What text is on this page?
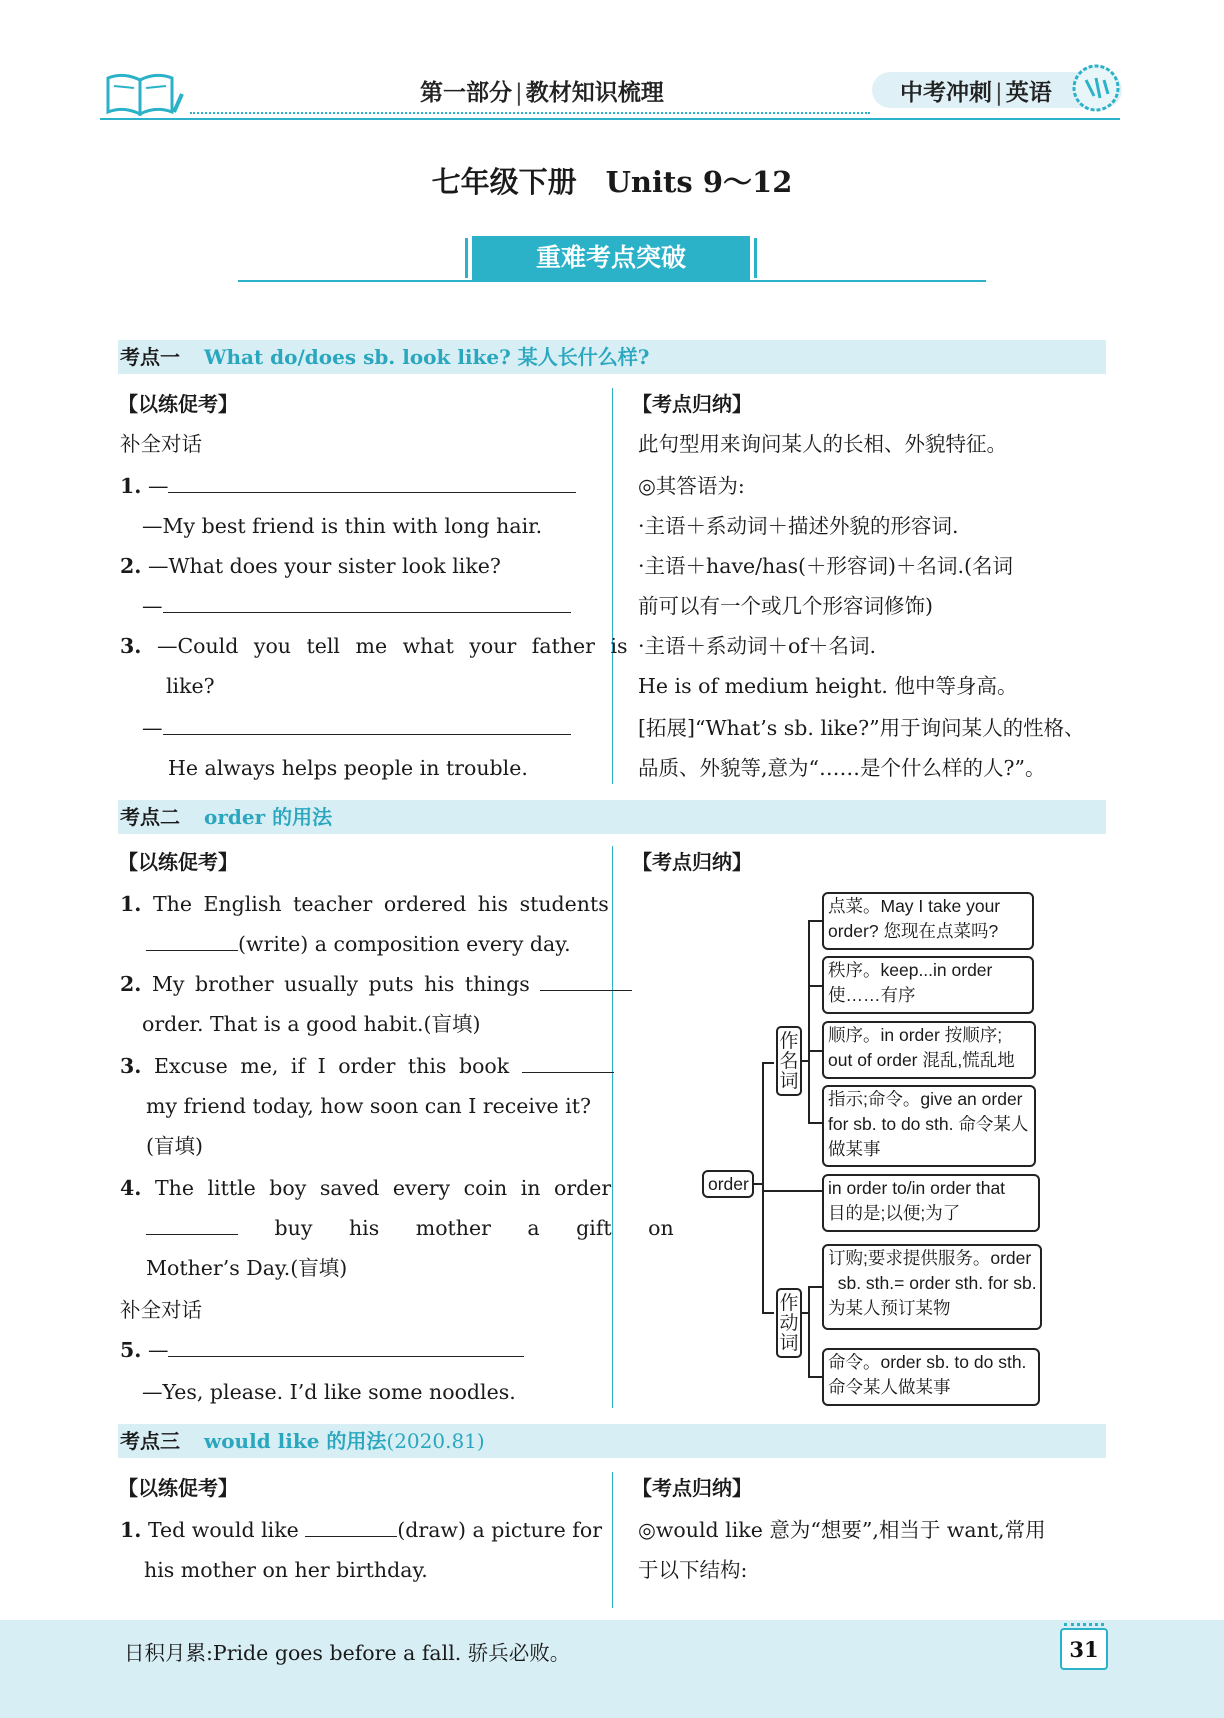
第一部分 | 教材知识梳理	中考冲刺 | 英语
七年级下册　Units 9～12
重难考点突破
考点一 What do/does sb. look like? 某人长什么样?
【以练促考】
补全对话
1. —
—My best friend is thin with long hair.
2. —What does your sister look like?
—
3. —Could you tell me what your father is
like?
—
He always helps people in trouble.
【考点归纳】
此句型用来询问某人的长相、外貌特征。
◎其答语为:
·主语＋系动词＋描述外貌的形容词.
·主语＋have/has(＋形容词)＋名词.(名词
前可以有一个或几个形容词修饰)
·主语＋系动词＋of＋名词.
He is of medium height. 他中等身高。
[拓展]“What’s sb. like?”用于询问某人的性格、
品质、外貌等,意为“……是个什么样的人?”。
考点二 order 的用法
【以练促考】
1. The English teacher ordered his students
(write) a composition every day.
2. My brother usually puts his things
order. That is a good habit.(盲填)
3. Excuse me, if I order this book
my friend today, how soon can I receive it?
(盲填)
4. The little boy saved every coin in order
buy his mother a gift on
Mother’s Day.(盲填)
补全对话
5. —
—Yes, please. I’d like some noodles.
【考点归纳】
order
作名词
作动词
点菜。May I take your
order? 您现在点菜吗?
秩序。keep...in order
使……有序
顺序。in order 按顺序;
out of order 混乱,慌乱地
指示;命令。give an order
for sb. to do sth. 命令某人
做某事
in order to/in order that
目的是;以便;为了
订购;要求提供服务。order
sb. sth.= order sth. for sb.
为某人预订某物
命令。order sb. to do sth.
命令某人做某事
考点三 would like 的用法(2020.81)
【以练促考】
1. Ted would like	(draw) a picture for
his mother on her birthday.
【考点归纳】
◎would like 意为“想要”,相当于 want,常用
于以下结构:
日积月累:Pride goes before a fall. 骄兵必败。	31
